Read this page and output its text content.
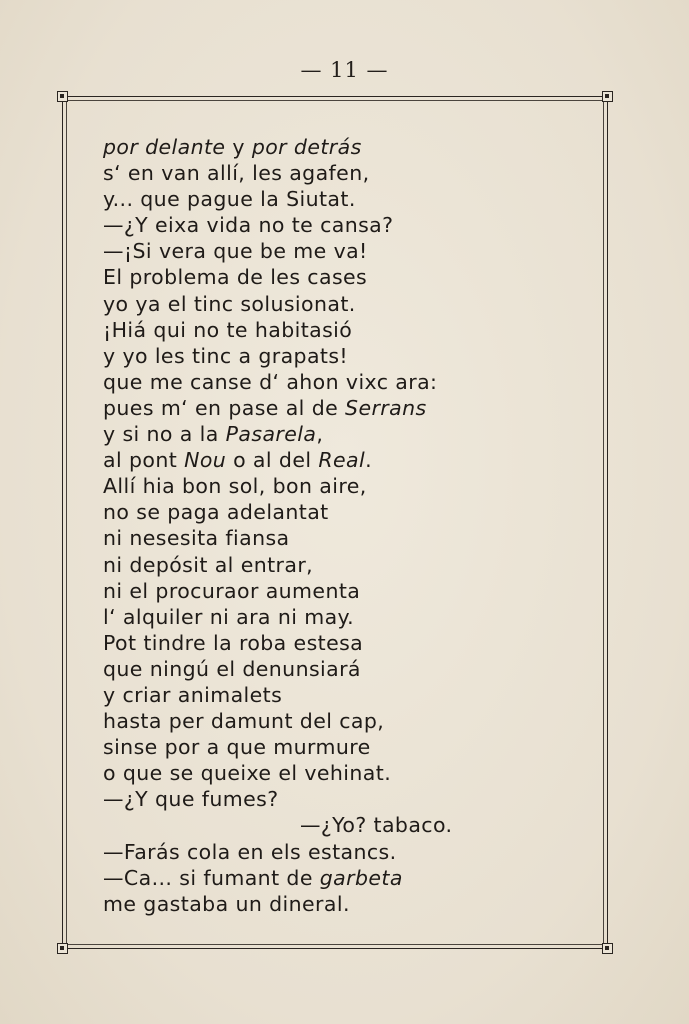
— 11 —
por delante y por detrás
s‘ en van allí, les agafen,
y... que pague la Siutat.
—¿Y eixa vida no te cansa?
—¡Si vera que be me va!
El problema de les cases
yo ya el tinc solusionat.
¡Hiá qui no te habitasió
y yo les tinc a grapats!
que me canse d‘ ahon vixc ara:
pues m‘ en pase al de Serrans
y si no a la Pasarela,
al pont Nou o al del Real.
Allí hia bon sol, bon aire,
no se paga adelantat
ni nesesita fiansa
ni depósit al entrar,
ni el procuraor aumenta
l‘ alquiler ni ara ni may.
Pot tindre la roba estesa
que ningú el denunsiará
y criar animalets
hasta per damunt del cap,
sinse por a que murmure
o que se queixe el vehinat.
—¿Y que fumes?
—¿Yo? tabaco.
—Farás cola en els estancs.
—Ca... si fumant de garbeta
me gastaba un dineral.
